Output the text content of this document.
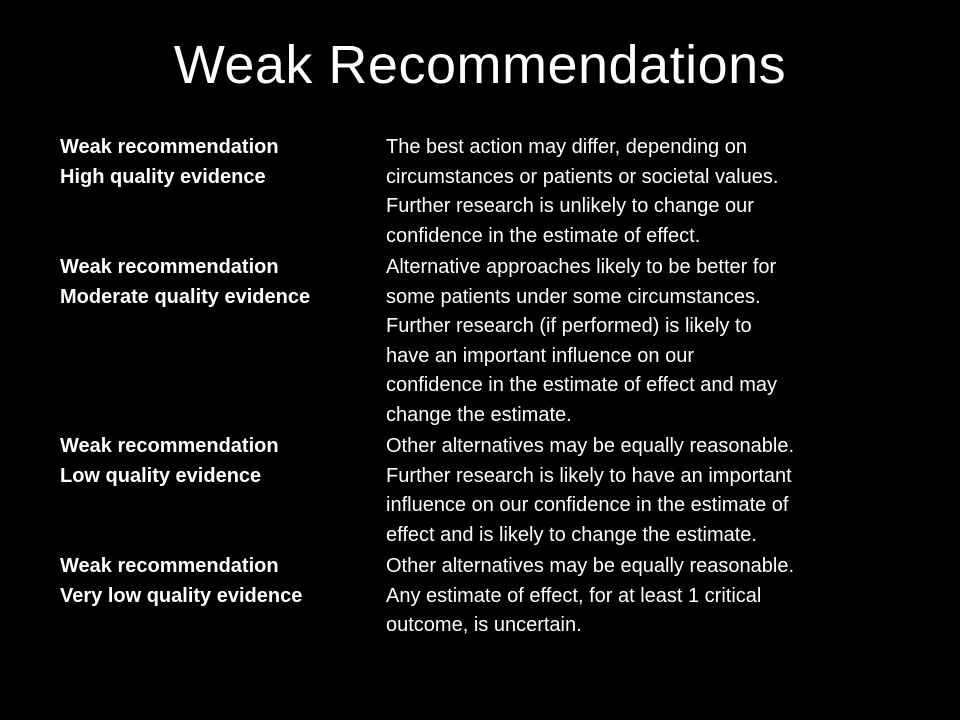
Weak Recommendations
Weak recommendation
High quality evidence
The best action may differ, depending on
circumstances or patients or societal values.
Further research is unlikely to change our
confidence in the estimate of effect.
Weak recommendation
Moderate quality evidence
Alternative approaches likely to be better for
some patients under some circumstances.
Further research (if performed) is likely to
have an important influence on our
confidence in the estimate of effect and may
change the estimate.
Weak recommendation
Low quality evidence
Other alternatives may be equally reasonable.
Further research is likely to have an important
influence on our confidence in the estimate of
effect and is likely to change the estimate.
Weak recommendation
Very low quality evidence
Other alternatives may be equally reasonable.
Any estimate of effect, for at least 1 critical
outcome, is uncertain.
